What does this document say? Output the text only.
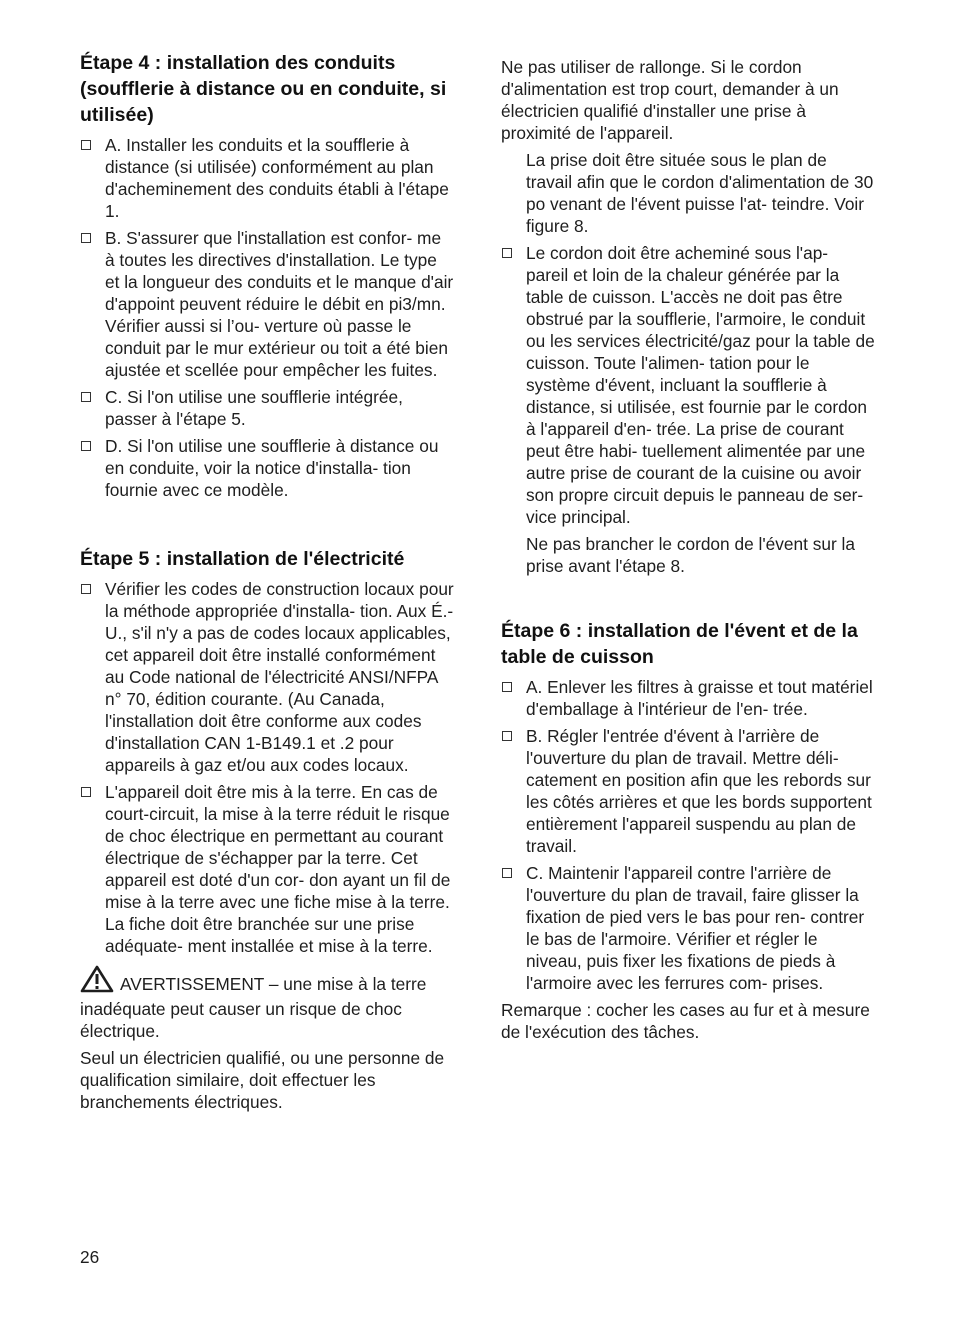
Étape 4 : installation des conduits (soufflerie à distance ou en conduite, si utilisée)
A. Installer les conduits et la soufflerie à distance (si utilisée) conformément au plan d'acheminement des conduits établi à l'étape 1.
B. S'assurer que l'installation est confor- me à toutes les directives d'installation. Le type et la longueur des conduits et le manque d'air d'appoint peuvent réduire le débit en pi3/mn. Vérifier aussi si l’ou- verture où passe le conduit par le mur extérieur ou toit a été bien ajustée et scellée pour empêcher les fuites.
C. Si l'on utilise une soufflerie intégrée, passer à l'étape 5.
D. Si l'on utilise une soufflerie à distance ou en conduite, voir la notice d'installa- tion fournie avec ce modèle.
Étape 5 : installation de l'électricité
Vérifier les codes de construction locaux pour la méthode appropriée d'installa- tion. Aux É.-U., s'il n'y a pas de codes locaux applicables, cet appareil doit être installé conformément au Code national de l'électricité ANSI/NFPA n° 70, édition courante. (Au Canada, l'installation doit être conforme aux codes d'installation CAN 1-B149.1 et .2 pour appareils à gaz et/ou aux codes locaux.
L'appareil doit être mis à la terre. En cas de court-circuit, la mise à la terre réduit le risque de choc électrique en permettant au courant électrique de s'échapper par la terre. Cet appareil est doté d'un cor- don ayant un fil de mise à la terre avec une fiche mise à la terre. La fiche doit être branchée sur une prise adéquate- ment installée et mise à la terre.

AVERTISSEMENT – une mise à la terre inadéquate peut causer un risque de choc électrique.

Seul un électricien qualifié, ou une personne de qualification similaire, doit effectuer les branchements électriques.

Ne pas utiliser de rallonge. Si le cordon d'alimentation est trop court, demander à un électricien qualifié d'installer une prise à proximité de l'appareil.

La prise doit être située sous le plan de travail afin que le cordon d'alimentation de 30 po venant de l'évent puisse l'at- teindre. Voir figure 8.

Le cordon doit être acheminé sous l'ap- pareil et loin de la chaleur générée par la table de cuisson. L'accès ne doit pas être obstrué par la soufflerie, l'armoire, le conduit ou les services électricité/gaz pour la table de cuisson. Toute l'alimen- tation pour le système d'évent, incluant la soufflerie à distance, si utilisée, est fournie par le cordon à l'appareil d'en- trée. La prise de courant peut être habi- tuellement alimentée par une autre prise de courant de la cuisine ou avoir son propre circuit depuis le panneau de ser- vice principal.

Ne pas brancher le cordon de l'évent sur la prise avant l'étape 8.

Étape 6 : installation de l'évent et de la table de cuisson
A. Enlever les filtres à graisse et tout matériel d'emballage à l'intérieur de l'en- trée.
B. Régler l'entrée d'évent à l'arrière de l'ouverture du plan de travail. Mettre déli- catement en position afin que les rebords sur les côtés arrières et que les bords supportent entièrement l'appareil suspendu au plan de travail.
C. Maintenir l'appareil contre l'arrière de l'ouverture du plan de travail, faire glisser la fixation de pied vers le bas pour ren- contrer le bas de l'armoire. Vérifier et régler le niveau, puis fixer les fixations de pieds à l'armoire avec les ferrures com- prises.

Remarque : cocher les cases au fur et à mesure de l'exécution des tâches.

26
